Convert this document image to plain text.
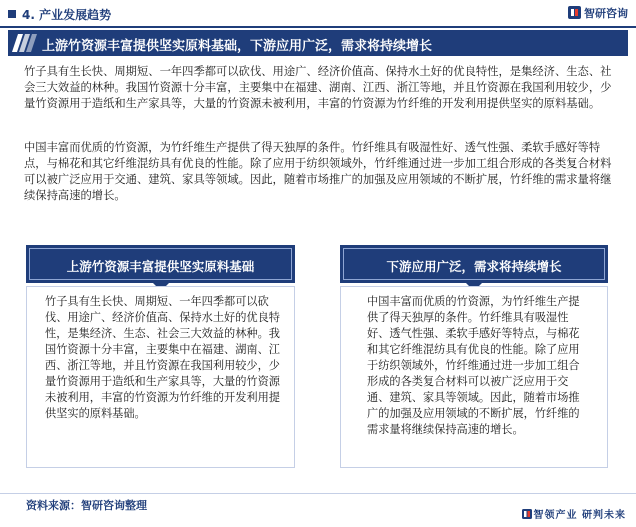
4. 产业发展趋势	智研咨询
上游竹资源丰富提供坚实原料基础，下游应用广泛，需求将持续增长

竹子具有生长快、周期短、一年四季都可以砍伐、用途广、经济价值高、保持水土好的优良特性，是集经济、生态、社会三大效益的林种。我国竹资源十分丰富，主要集中在福建、湖南、江西、浙江等地，并且竹资源在我国利用较少，少量竹资源用于造纸和生产家具等，大量的竹资源未被利用，丰富的竹资源为竹纤维的开发利用提供坚实的原料基础。

中国丰富而优质的竹资源，为竹纤维生产提供了得天独厚的条件。竹纤维具有吸湿性好、透气性强、柔软手感好等特点，与棉花和其它纤维混纺具有优良的性能。除了应用于纺织领域外，竹纤维通过进一步加工组合形成的各类复合材料可以被广泛应用于交通、建筑、家具等领域。因此，随着市场推广的加强及应用领域的不断扩展，竹纤维的需求量将继续保持高速的增长。

上游竹资源丰富提供坚实原料基础

竹子具有生长快、周期短、一年四季都可以砍伐、用途广、经济价值高、保持水土好的优良特性，是集经济、生态、社会三大效益的林种。我国竹资源十分丰富，主要集中在福建、湖南、江西、浙江等地，并且竹资源在我国利用较少，少量竹资源用于造纸和生产家具等，大量的竹资源未被利用，丰富的竹资源为竹纤维的开发利用提供坚实的原料基础。

下游应用广泛，需求将持续增长

中国丰富而优质的竹资源，为竹纤维生产提供了得天独厚的条件。竹纤维具有吸湿性好、透气性强、柔软手感好等特点，与棉花和其它纤维混纺具有优良的性能。除了应用于纺织领域外，竹纤维通过进一步加工组合形成的各类复合材料可以被广泛应用于交通、建筑、家具等领域。因此，随着市场推广的加强及应用领域的不断扩展，竹纤维的需求量将继续保持高速的增长。

资料来源：智研咨询整理
智领产业 研判未来
